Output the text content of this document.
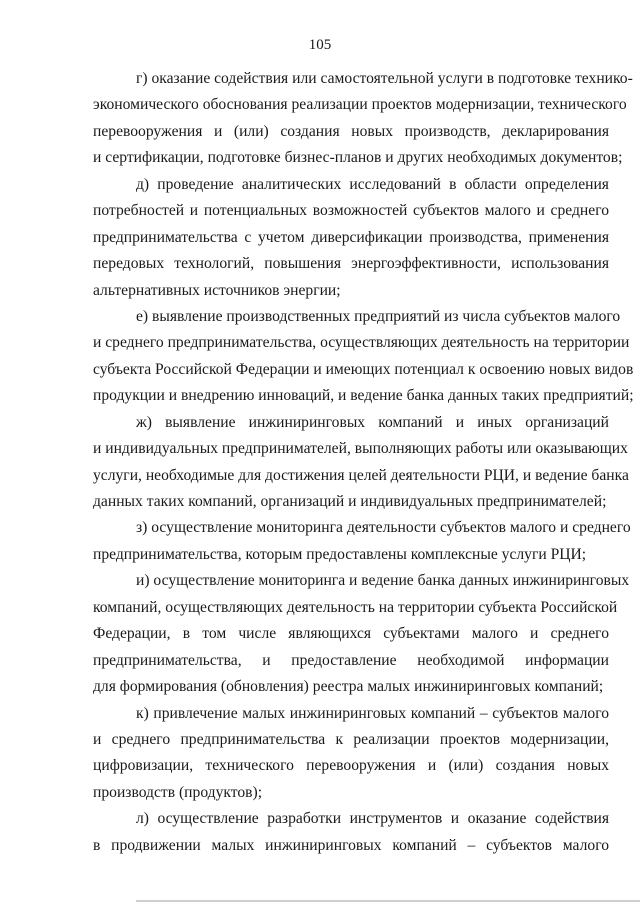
105
г) оказание содействия или самостоятельной услуги в подготовке технико-
экономического обоснования реализации проектов модернизации, технического
перевооружения и (или) создания новых производств, декларирования
и сертификации, подготовке бизнес-планов и других необходимых документов;
д) проведение аналитических исследований в области определения
потребностей и потенциальных возможностей субъектов малого и среднего
предпринимательства с учетом диверсификации производства, применения
передовых технологий, повышения энергоэффективности, использования
альтернативных источников энергии;
е) выявление производственных предприятий из числа субъектов малого
и среднего предпринимательства, осуществляющих деятельность на территории
субъекта Российской Федерации и имеющих потенциал к освоению новых видов
продукции и внедрению инноваций, и ведение банка данных таких предприятий;
ж) выявление инжиниринговых компаний и иных организаций
и индивидуальных предпринимателей, выполняющих работы или оказывающих
услуги, необходимые для достижения целей деятельности РЦИ, и ведение банка
данных таких компаний, организаций и индивидуальных предпринимателей;
з) осуществление мониторинга деятельности субъектов малого и среднего
предпринимательства, которым предоставлены комплексные услуги РЦИ;
и) осуществление мониторинга и ведение банка данных инжиниринговых
компаний, осуществляющих деятельность на территории субъекта Российской
Федерации, в том числе являющихся субъектами малого и среднего
предпринимательства, и предоставление необходимой информации
для формирования (обновления) реестра малых инжиниринговых компаний;
к) привлечение малых инжиниринговых компаний – субъектов малого
и среднего предпринимательства к реализации проектов модернизации,
цифровизации, технического перевооружения и (или) создания новых
производств (продуктов);
л) осуществление разработки инструментов и оказание содействия
в продвижении малых инжиниринговых компаний – субъектов малого
